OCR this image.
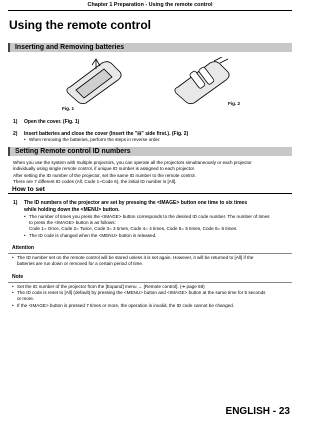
Chapter 1 Preparation - Using the remote control
Using the remote control
Inserting and Removing batteries
Fig. 1
Fig. 2
1) Open the cover. (Fig. 1)
2) Insert batteries and close the cover (Insert the "⊟" side first.). (Fig. 2)
• When removing the batteries, perform the steps in reverse order.
Setting Remote control ID numbers
When you use the system with multiple projectors, you can operate all the projectors simultaneously or each projector
individually using single remote control, if unique ID number is assigned to each projector.
After setting the ID number of the projector, set the same ID number to the remote control.
There are 7 different ID codes (All, Code 1~Code 6), the initial ID number is [All].
How to set
1) The ID numbers of the projector are set by pressing the <IMAGE> button one time to six times
while holding down the <MENU> button.
• The number of times you press the <IMAGE> button corresponds to the desired ID code number. The number of times
to press the <IMAGE> button is as follows:
Code 1= Once, Code 2= Twice, Code 3= 3 times, Code 4= 4 times, Code 5= 5 times, Code 6= 6 times.
• The ID code is changed when the <MENU> button is released.
Attention
• The ID number set on the remote control will be stored unless it is set again. However, it will be returned to [All] if the
batteries are run down or removed for a certain period of time.
Note
• Set the ID number of the projector from the [Expand] menu → [Remote control]. (➔ page 68)
• The ID code is reset to [All] (default) by pressing the <MENU> button and <IMAGE> button at the same time for 5 seconds
or more.
• If the <IMAGE> button is pressed 7 times or more, the operation is invalid, the ID code cannot be changed.
ENGLISH - 23
